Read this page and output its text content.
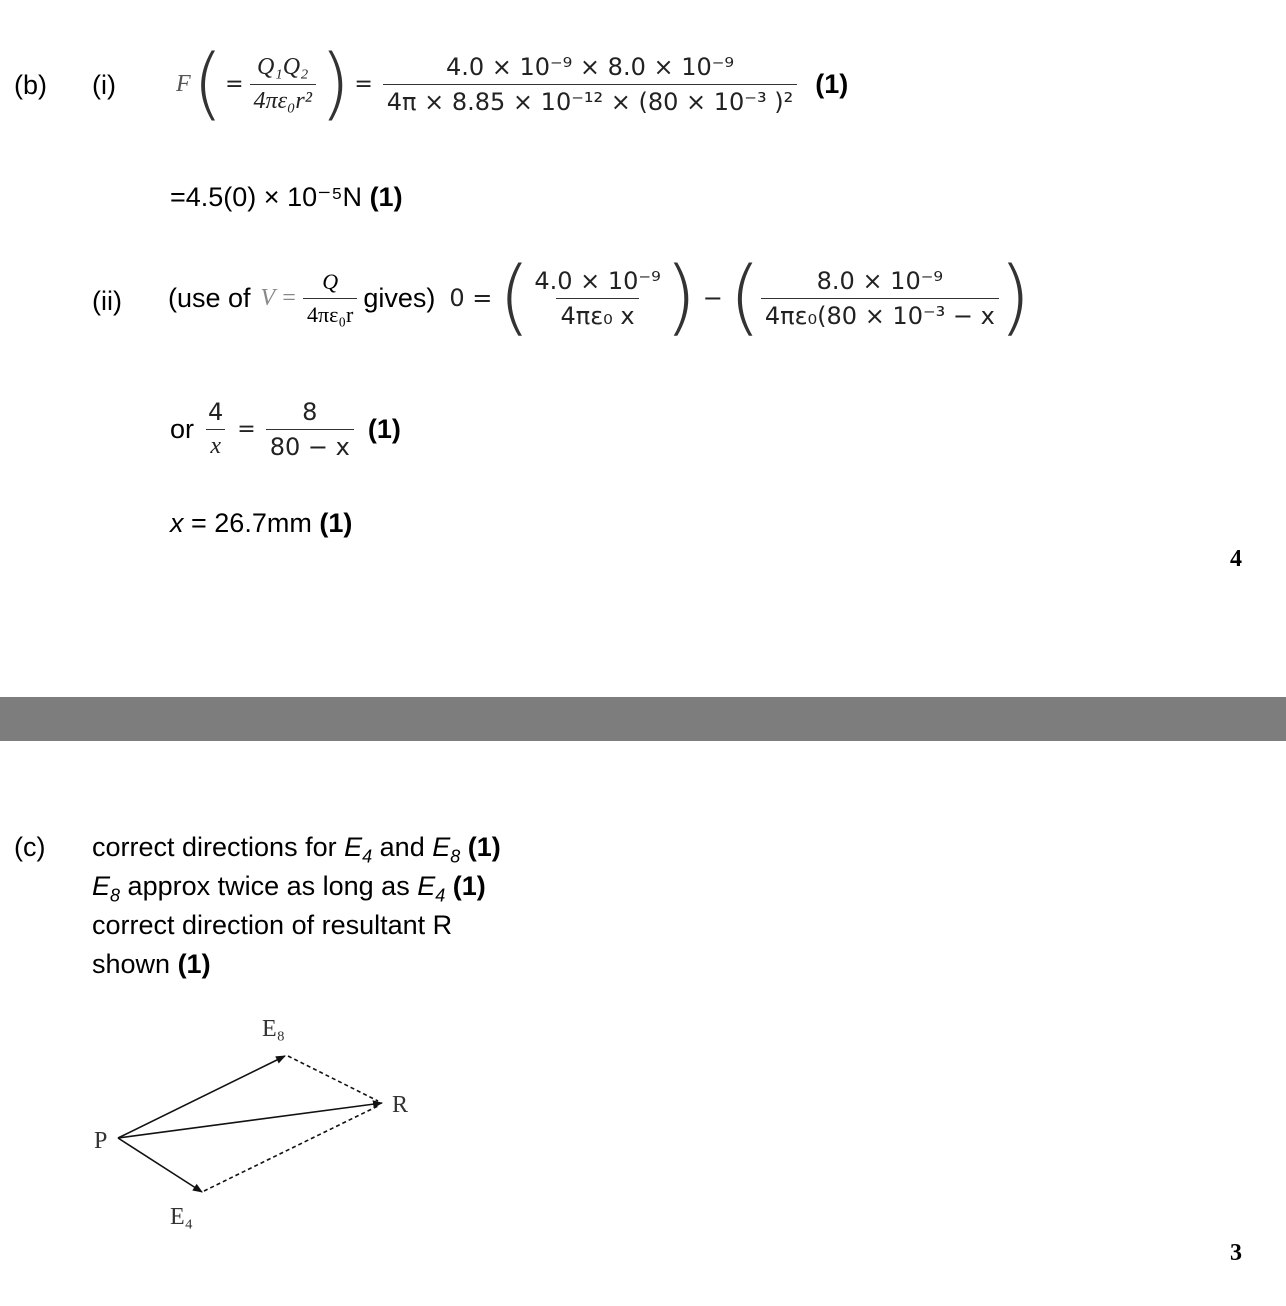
(b) (i)	F ( = $\frac{\text{Q₁Q₂}}{\text{4πε₀r²}}$ ) = $\frac{\text{4.0 × 10⁻⁹ × 8.0 × 10⁻⁹}}{\text{4π × 8.85 × 10⁻¹² × (80 × 10⁻³ )²}} (1)$
=4.5(0) × 10⁻⁵N (1)
(ii) (use of $V = \frac{Q}{\text{4πε₀r}}$ gives) 0 = ( $\frac{\text{4.0 × 10⁻⁹}}{\text{4πε₀ x}}$ ) − ( $\frac{\text{8.0 × 10⁻⁹}}{\text{4πε₀(80 × 10⁻³ − x}}$ )
or $\frac{4}{x} = \frac{8}{80 - x} (1)$
x = 26.7mm (1)
4
(c) correct directions for $E_4$ and $E_8$ (1)
$E_8$ approx twice as long as $E_4$ (1)
correct direction of resultant R
shown (1)
E₈
R
P
E₄
3
